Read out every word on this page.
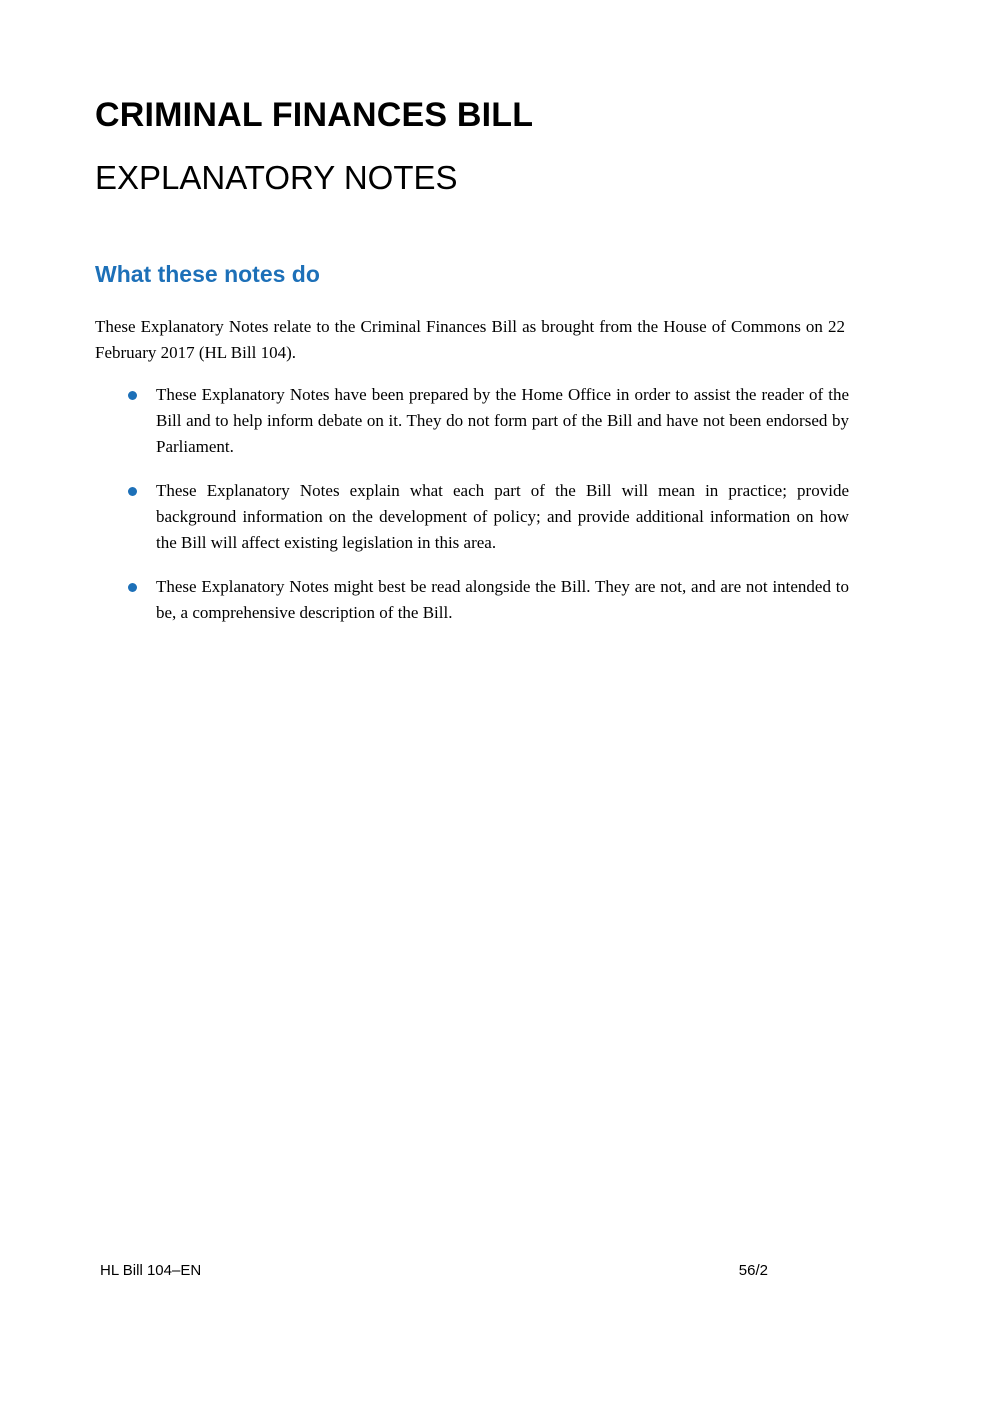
CRIMINAL FINANCES BILL
EXPLANATORY NOTES
What these notes do

These Explanatory Notes relate to the Criminal Finances Bill as brought from the House of Commons on 22 February 2017 (HL Bill 104).

These Explanatory Notes have been prepared by the Home Office in order to assist the reader of the Bill and to help inform debate on it. They do not form part of the Bill and have not been endorsed by Parliament.
These Explanatory Notes explain what each part of the Bill will mean in practice; provide background information on the development of policy; and provide additional information on how the Bill will affect existing legislation in this area.
These Explanatory Notes might best be read alongside the Bill. They are not, and are not intended to be, a comprehensive description of the Bill.
HL Bill 104–EN	56/2
